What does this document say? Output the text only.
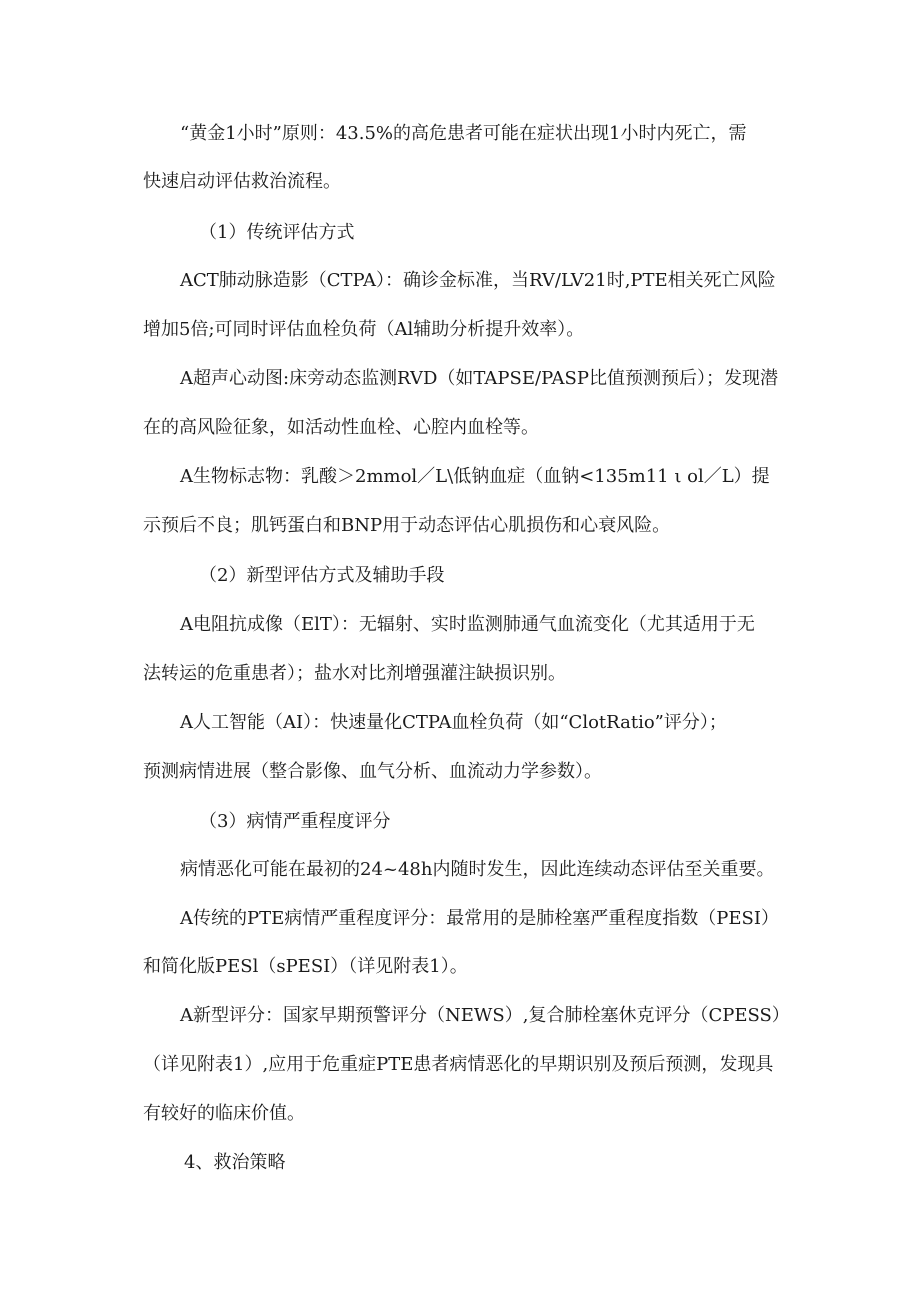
“黄金1小时”原则：43.5%的高危患者可能在症状出现1小时内死亡，需

快速启动评估救治流程。

（1）传统评估方式

ACT肺动脉造影（CTPA）：确诊金标准，当RV/LV21时,PTE相关死亡风险

增加5倍;可同时评估血栓负荷（Al辅助分析提升效率）。

A超声心动图:床旁动态监测RVD（如TAPSE/PASP比值预测预后）；发现潜

在的高风险征象，如活动性血栓、心腔内血栓等。

A生物标志物：乳酸＞2mmol／L\低钠血症（血钠<135m11 ι ol／L）提

示预后不良；肌钙蛋白和BNP用于动态评估心肌损伤和心衰风险。

（2）新型评估方式及辅助手段

A电阻抗成像（ElT）：无辐射、实时监测肺通气血流变化（尤其适用于无

法转运的危重患者）；盐水对比剂增强灌注缺损识别。

A人工智能（AI）：快速量化CTPA血栓负荷（如“ClotRatio”评分）；

预测病情进展（整合影像、血气分析、血流动力学参数）。

（3）病情严重程度评分

病情恶化可能在最初的24~48h内随时发生，因此连续动态评估至关重要。

A传统的PTE病情严重程度评分：最常用的是肺栓塞严重程度指数（PESI）

和简化版PESl（sPESI）（详见附表1）。

A新型评分：国家早期预警评分（NEWS）,复合肺栓塞休克评分（CPESS）

（详见附表1）,应用于危重症PTE患者病情恶化的早期识别及预后预测，发现具

有较好的临床价值。

4、救治策略
